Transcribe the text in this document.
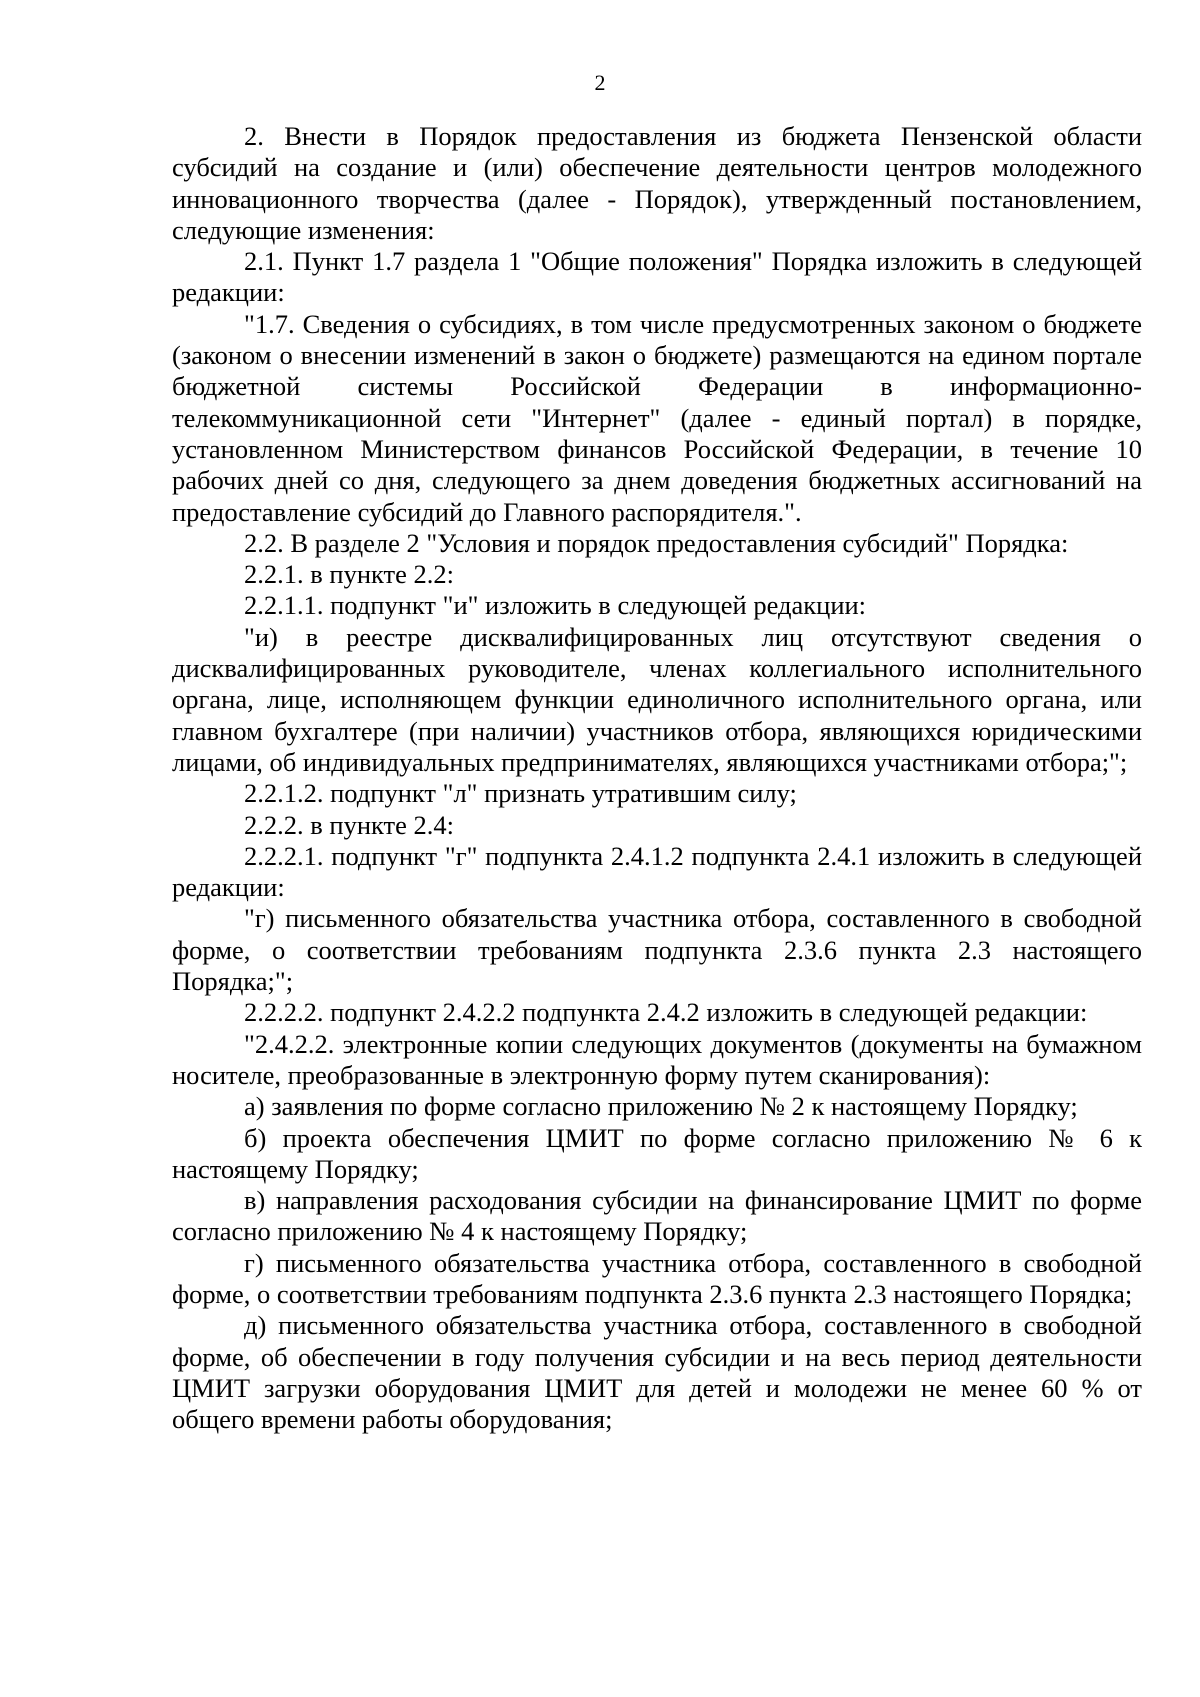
2

2. Внести в Порядок предоставления из бюджета Пензенской области субсидий на создание и (или) обеспечение деятельности центров молодежного инновационного творчества (далее - Порядок), утвержденный постановлением, следующие изменения:

2.1. Пункт 1.7 раздела 1 "Общие положения" Порядка изложить в следующей редакции:

"1.7. Сведения о субсидиях, в том числе предусмотренных законом о бюджете (законом о внесении изменений в закон о бюджете) размещаются на едином портале бюджетной системы Российской Федерации в информационно-телекоммуникационной сети "Интернет" (далее - единый портал) в порядке, установленном Министерством финансов Российской Федерации, в течение 10 рабочих дней со дня, следующего за днем доведения бюджетных ассигнований на предоставление субсидий до Главного распорядителя.".

2.2. В разделе 2 "Условия и порядок предоставления субсидий" Порядка:

2.2.1. в пункте 2.2:

2.2.1.1. подпункт "и" изложить в следующей редакции:

"и) в реестре дисквалифицированных лиц отсутствуют сведения о дисквалифицированных руководителе, членах коллегиального исполнительного органа, лице, исполняющем функции единоличного исполнительного органа, или главном бухгалтере (при наличии) участников отбора, являющихся юридическими лицами, об индивидуальных предпринимателях, являющихся участниками отбора;";

2.2.1.2. подпункт "л" признать утратившим силу;

2.2.2. в пункте 2.4:

2.2.2.1. подпункт "г" подпункта 2.4.1.2 подпункта 2.4.1 изложить в следующей редакции:

"г) письменного обязательства участника отбора, составленного в свободной форме, о соответствии требованиям подпункта 2.3.6 пункта 2.3 настоящего Порядка;";

2.2.2.2. подпункт 2.4.2.2 подпункта 2.4.2 изложить в следующей редакции:

"2.4.2.2. электронные копии следующих документов (документы на бумажном носителе, преобразованные в электронную форму путем сканирования):

а) заявления по форме согласно приложению № 2 к настоящему Порядку;

б) проекта обеспечения ЦМИТ по форме согласно приложению № 6 к настоящему Порядку;

в) направления расходования субсидии на финансирование ЦМИТ по форме согласно приложению № 4 к настоящему Порядку;

г) письменного обязательства участника отбора, составленного в свободной форме, о соответствии требованиям подпункта 2.3.6 пункта 2.3 настоящего Порядка;

д) письменного обязательства участника отбора, составленного в свободной форме, об обеспечении в году получения субсидии и на весь период деятельности ЦМИТ загрузки оборудования ЦМИТ для детей и молодежи не менее 60 % от общего времени работы оборудования;
